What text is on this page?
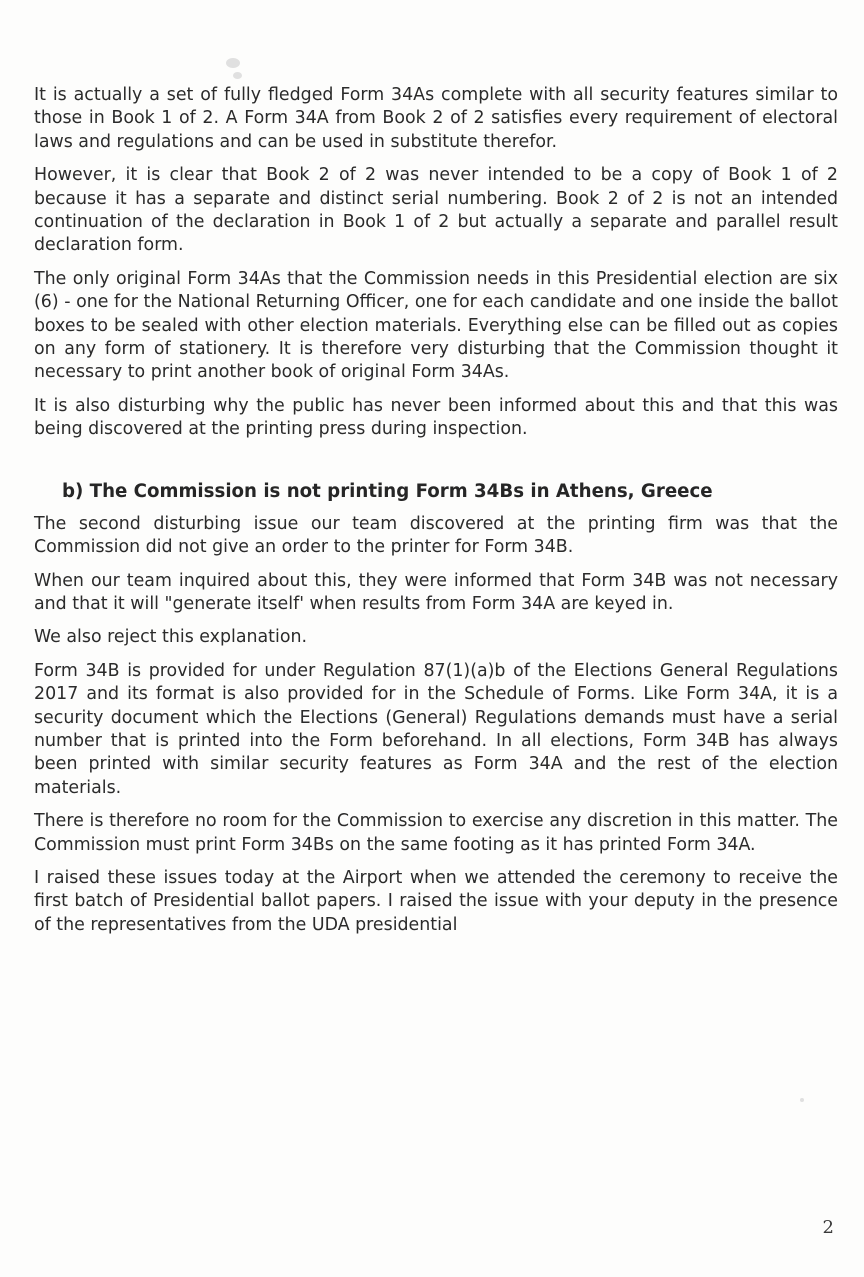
It is actually a set of fully fledged Form 34As complete with all security features similar to those in Book 1 of 2. A Form 34A from Book 2 of 2 satisfies every requirement of electoral laws and regulations and can be used in substitute therefor.

However, it is clear that Book 2 of 2 was never intended to be a copy of Book 1 of 2 because it has a separate and distinct serial numbering. Book 2 of 2 is not an intended continuation of the declaration in Book 1 of 2 but actually a separate and parallel result declaration form.

The only original Form 34As that the Commission needs in this Presidential election are six (6) - one for the National Returning Officer, one for each candidate and one inside the ballot boxes to be sealed with other election materials. Everything else can be filled out as copies on any form of stationery. It is therefore very disturbing that the Commission thought it necessary to print another book of original Form 34As.

It is also disturbing why the public has never been informed about this and that this was being discovered at the printing press during inspection.

b) The Commission is not printing Form 34Bs in Athens, Greece

The second disturbing issue our team discovered at the printing firm was that the Commission did not give an order to the printer for Form 34B.

When our team inquired about this, they were informed that Form 34B was not necessary and that it will "generate itself' when results from Form 34A are keyed in.

We also reject this explanation.

Form 34B is provided for under Regulation 87(1)(a)b of the Elections General Regulations 2017 and its format is also provided for in the Schedule of Forms. Like Form 34A, it is a security document which the Elections (General) Regulations demands must have a serial number that is printed into the Form beforehand. In all elections, Form 34B has always been printed with similar security features as Form 34A and the rest of the election materials.

There is therefore no room for the Commission to exercise any discretion in this matter. The Commission must print Form 34Bs on the same footing as it has printed Form 34A.

I raised these issues today at the Airport when we attended the ceremony to receive the first batch of Presidential ballot papers. I raised the issue with your deputy in the presence of the representatives from the UDA presidential

2
